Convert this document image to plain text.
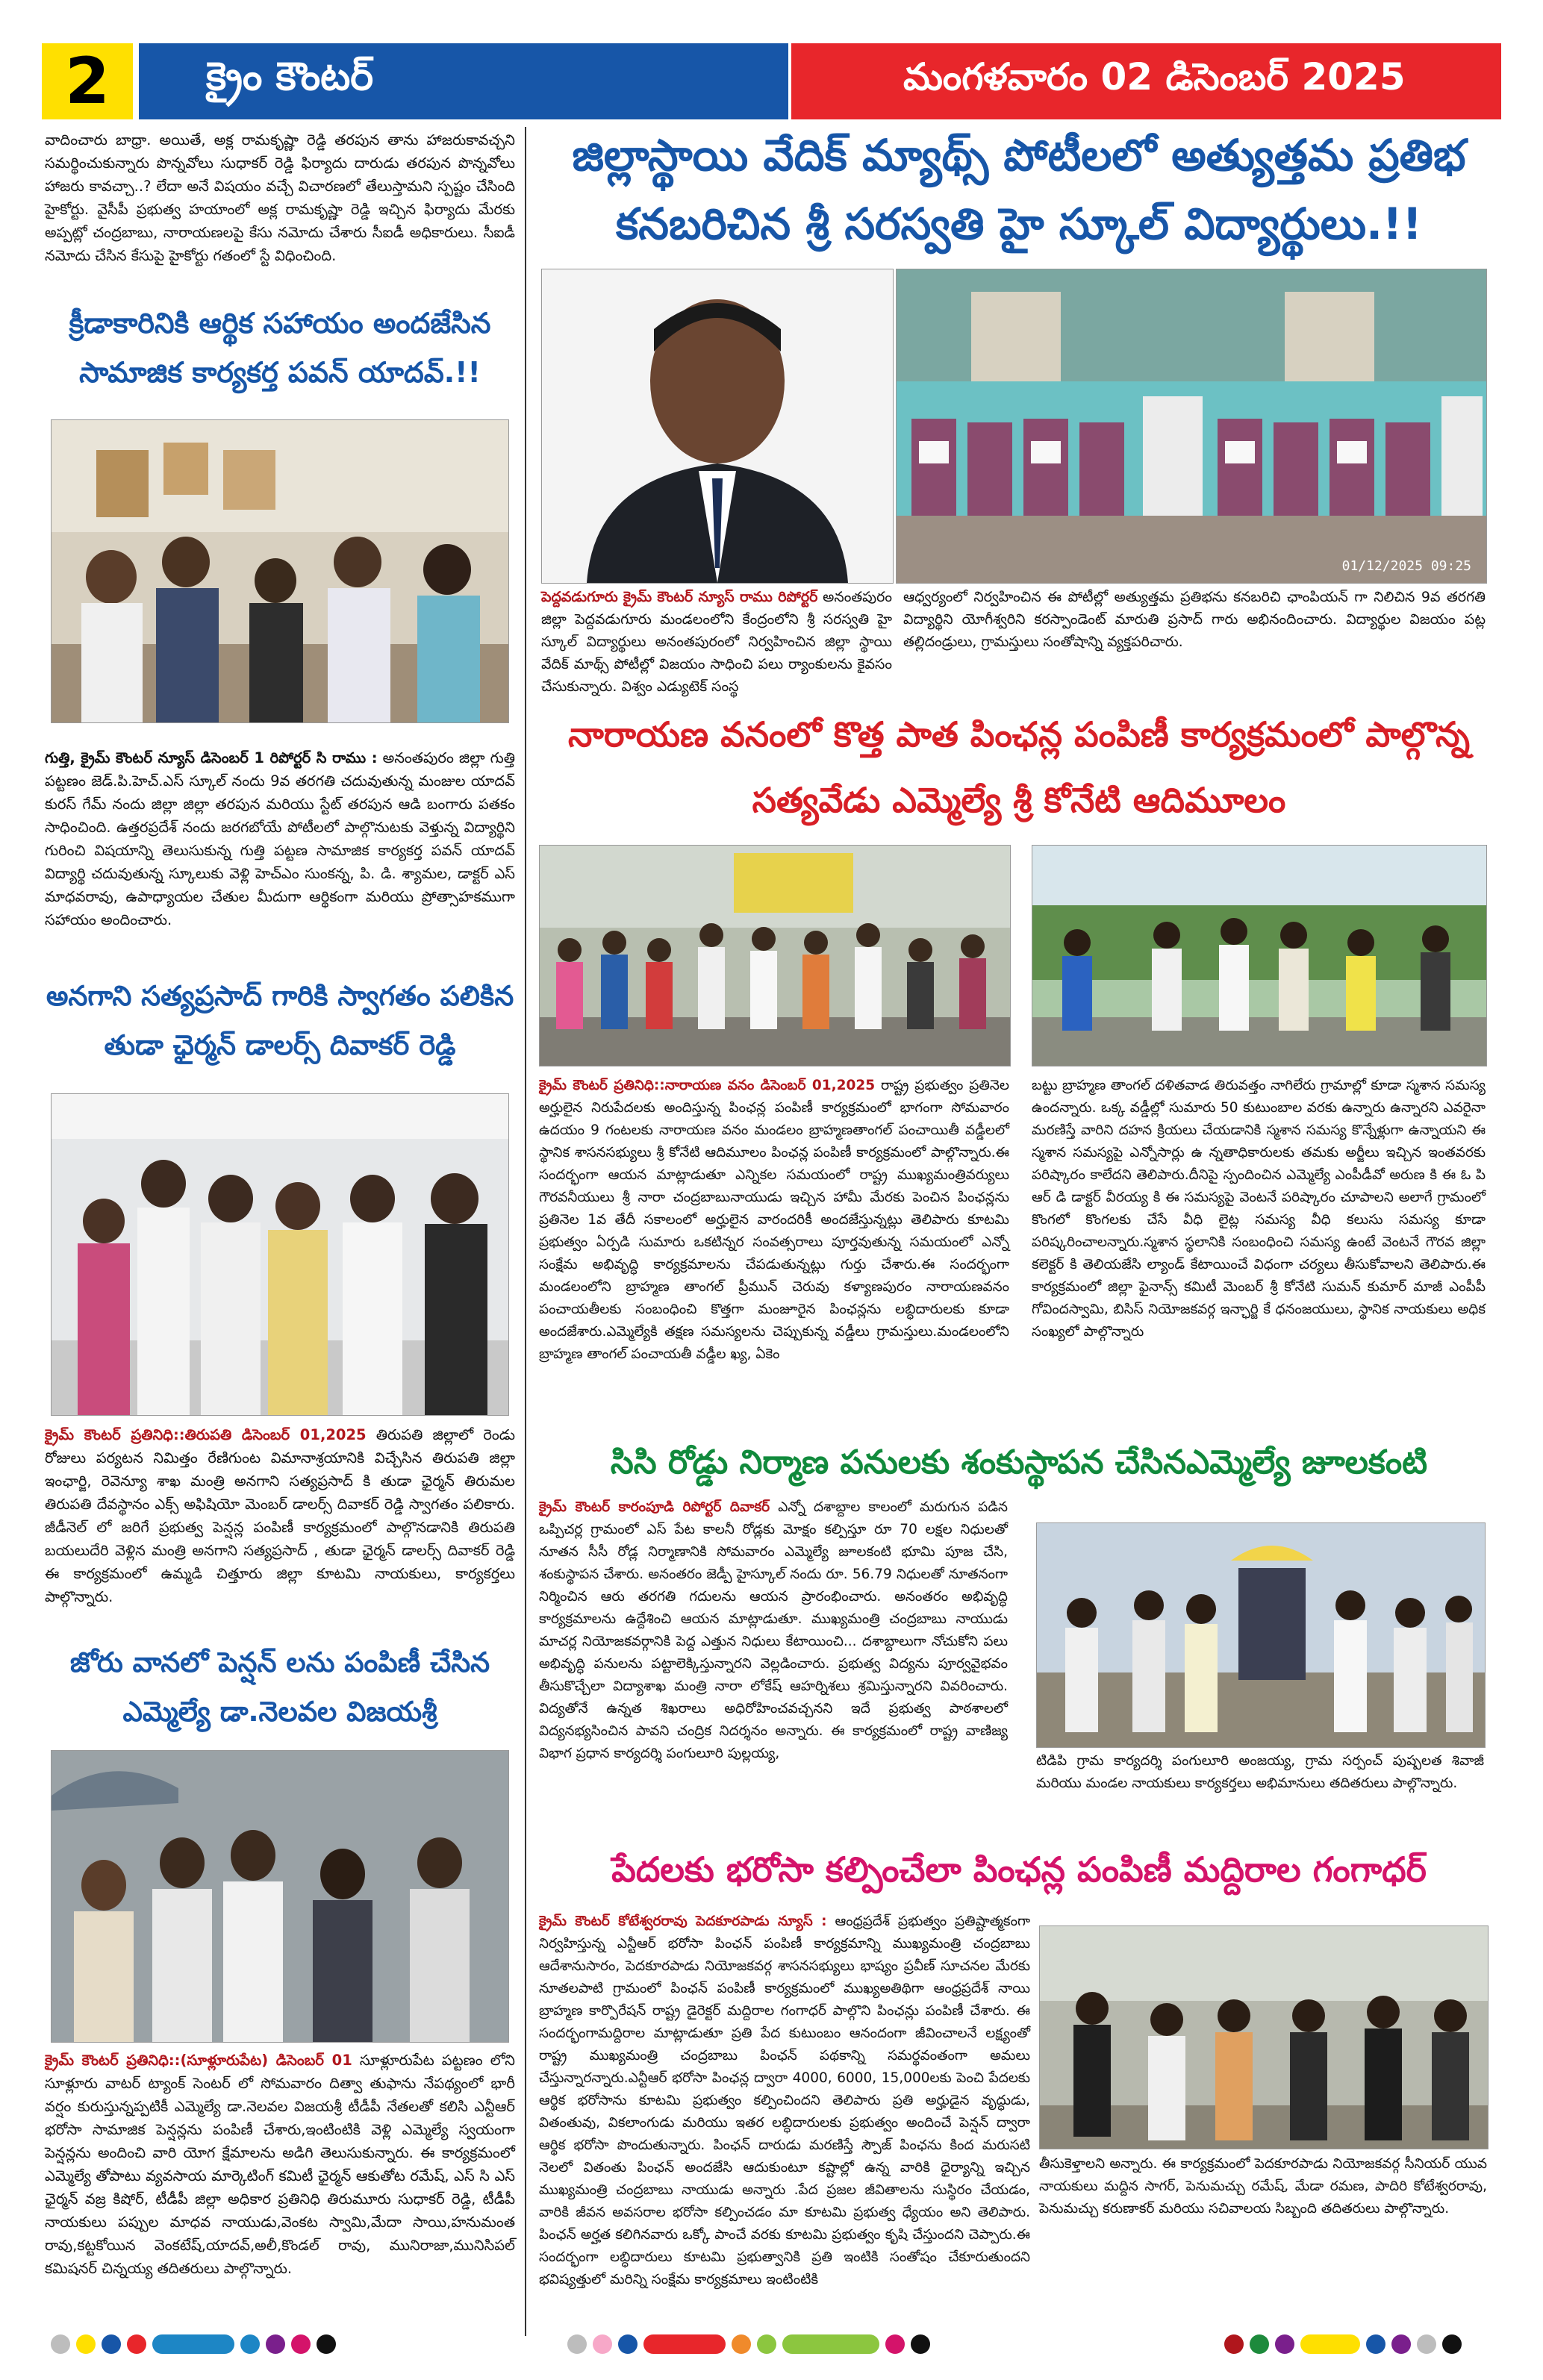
2	క్రైం కౌంటర్	మంగళవారం 02 డిసెంబర్ 2025

వాదించారు బాధ్రా. అయితే, అక్ల రామకృష్ణా రెడ్డి తరపున తాను హాజరుకావచ్చని సమర్థించుకున్నారు పొన్నవోలు సుధాకర్ రెడ్డి ఫిర్యాదు దారుడు తరపున పొన్నవోలు హాజరు కావచ్చా..? లేదా అనే విషయం వచ్చే విచారణలో తేలుస్తామని స్పష్టం చేసింది హైకోర్టు. వైసీపీ ప్రభుత్వ హయాంలో అక్ల రామకృష్ణా రెడ్డి ఇచ్చిన ఫిర్యాదు మేరకు అప్పట్లో చంద్రబాబు, నారాయణలపై కేసు నమోదు చేశారు సీఐడీ అధికారులు. సీఐడీ నమోదు చేసిన కేసుపై హైకోర్టు గతంలో స్టే విధించింది.

క్రీడాకారినికి ఆర్థిక సహాయం అందజేసిన సామాజిక కార్యకర్త పవన్ యాదవ్.!!

గుత్తి, క్రైమ్ కౌంటర్ న్యూస్ డిసెంబర్ 1 రిపోర్టర్ సి రాము : అనంతపురం జిల్లా గుత్తి పట్టణం జెడ్.పి.హెచ్.ఎస్ స్కూల్ నందు 9వ తరగతి చదువుతున్న మంజుల యాదవ్ కురస్ గేమ్ నందు జిల్లా జిల్లా తరపున మరియు స్టేట్ తరపున ఆడి బంగారు పతకం సాధించింది. ఉత్తరప్రదేశ్ నందు జరగబోయే పోటీలలో పాల్గొనుటకు వెళ్తున్న విద్యార్థిని గురించి విషయాన్ని తెలుసుకున్న గుత్తి పట్టణ సామాజిక కార్యకర్త పవన్ యాదవ్ విద్యార్థి చదువుతున్న స్కూలుకు వెళ్లి హెచ్‌ఎం సుంకన్న, పి. డి. శ్యామల, డాక్టర్ ఎస్ మాధవరావు, ఉపాధ్యాయల చేతుల మీదుగా ఆర్థికంగా మరియు ప్రోత్సాహకముగా సహాయం అందించారు.

అనగాని సత్యప్రసాద్ గారికి స్వాగతం పలికిన తుడా ఛైర్మన్ డాలర్స్ దివాకర్ రెడ్డి

క్రైమ్ కౌంటర్ ప్రతినిధి::తిరుపతి డిసెంబర్ 01,2025 తిరుపతి జిల్లాలో రెండు రోజులు పర్యటన నిమిత్తం రేణిగుంట విమానాశ్రయానికి విచ్చేసిన తిరుపతి జిల్లా ఇంఛార్జి, రెవెన్యూ శాఖ మంత్రి అనగాని సత్యప్రసాద్ కి తుడా ఛైర్మన్ తిరుమల తిరుపతి దేవస్థానం ఎక్స్ అఫిషియో మెంబర్ డాలర్స్ దివాకర్ రెడ్డి స్వాగతం పలికారు. జీడీనెల్ లో జరిగే ప్రభుత్వ పెన్షన్ల పంపిణీ కార్యక్రమంలో పాల్గొనడానికి తిరుపతి బయలుదేరి వెళ్లిన మంత్రి అనగాని సత్యప్రసాద్ , తుడా ఛైర్మన్ డాలర్స్ దివాకర్ రెడ్డి ఈ కార్యక్రమంలో ఉమ్మడి చిత్తూరు జిల్లా కూటమి నాయకులు, కార్యకర్తలు పాల్గొన్నారు.

జోరు వానలో పెన్షన్ లను పంపిణీ చేసిన ఎమ్మెల్యే డా.నెలవల విజయశ్రీ

క్రైమ్ కౌంటర్ ప్రతినిధి::(సూళ్లూరుపేట) డిసెంబర్ 01 సూళ్లూరుపేట పట్టణం లోని సూళ్లూరు వాటర్ ట్యాంక్ సెంటర్ లో సోమవారం దిత్వా తుఫాను నేపథ్యంలో భారీ వర్షం కురుస్తున్నప్పటికీ ఎమ్మెల్యే డా.నెలవల విజయశ్రీ టీడీపీ నేతలతో కలిసి ఎన్టీఆర్ భరోసా సామాజిక పెన్షన్లను పంపిణీ చేశారు,ఇంటింటికి వెళ్లి ఎమ్మెల్యే స్వయంగా పెన్షన్లను అందించి వారి యోగ క్షేమాలను అడిగి తెలుసుకున్నారు. ఈ కార్యక్రమంలో ఎమ్మెల్యే తోపాటు వ్యవసాయ మార్కెటింగ్ కమిటీ ఛైర్మన్ ఆకుతోట రమేష్, ఎస్ సి ఎస్ ఛైర్మన్ వజ్ర కిషోర్, టీడీపీ జిల్లా అధికార ప్రతినిధి తిరుమూరు సుధాకర్ రెడ్డి, టీడీపీ నాయకులు పప్పుల మాధవ నాయుడు,వెంకట స్వామి,మేదా సాయి,హనుమంత రావు,కట్టకోయిన వెంకటేష్,యాదవ్,అలీ,కొండల్ రావు, మునిరాజా,మునిసిపల్ కమిషనర్ చిన్నయ్య తదితరులు పాల్గొన్నారు.

జిల్లాస్థాయి వేదిక్ మ్యాథ్స్ పోటీలలో అత్యుత్తమ ప్రతిభ కనబరిచిన శ్రీ సరస్వతి హై స్కూల్ విద్యార్థులు.!!

01/12/2025 09:25

పెద్దవడుగూరు క్రైమ్ కౌంటర్ న్యూస్ రాము రిపోర్టర్ అనంతపురం జిల్లా పెద్దవడుగూరు మండలంలోని కేంద్రంలోని శ్రీ సరస్వతి హై స్కూల్ విద్యార్థులు అనంతపురంలో నిర్వహించిన జిల్లా స్థాయి వేదిక్ మాథ్స్ పోటీల్లో విజయం సాధించి పలు ర్యాంకులను కైవసం చేసుకున్నారు. విశ్వం ఎడ్యుటెక్ సంస్థ

ఆధ్వర్యంలో నిర్వహించిన ఈ పోటీల్లో అత్యుత్తమ ప్రతిభను కనబరిచి ఛాంపియన్ గా నిలిచిన 9వ తరగతి విద్యార్థిని యోగీశ్వరిని కరస్పాండెంట్ మారుతి ప్రసాద్ గారు అభినందించారు. విద్యార్థుల విజయం పట్ల తల్లిదండ్రులు, గ్రామస్తులు సంతోషాన్ని వ్యక్తపరిచారు.

నారాయణ వనంలో కొత్త పాత పింఛన్ల పంపిణీ కార్యక్రమంలో పాల్గొన్న సత్యవేడు ఎమ్మెల్యే శ్రీ కోనేటి ఆదిమూలం

క్రైమ్ కౌంటర్ ప్రతినిధి::నారాయణ వనం డిసెంబర్ 01,2025 రాష్ట్ర ప్రభుత్వం ప్రతినెల అర్హులైన నిరుపేదలకు అందిస్తున్న పింఛన్ల పంపిణీ కార్యక్రమంలో భాగంగా సోమవారం ఉదయం 9 గంటలకు నారాయణ వనం మండలం బ్రాహ్మణతాంగల్ పంచాయితీ వడ్డీలలో స్థానిక శాసనసభ్యులు శ్రీ కోనేటి ఆదిమూలం పింఛన్ల పంపిణీ కార్యక్రమంలో పాల్గొన్నారు.ఈ సందర్భంగా ఆయన మాట్లాడుతూ ఎన్నికల సమయంలో రాష్ట్ర ముఖ్యమంత్రివర్యులు గౌరవనీయులు శ్రీ నారా చంద్రబాబునాయుడు ఇచ్చిన హామీ మేరకు పెంచిన పింఛన్లను ప్రతినెల 1వ తేదీ సకాలంలో అర్హులైన వారందరికీ అందజేస్తున్నట్లు తెలిపారు కూటమి ప్రభుత్వం ఏర్పడి సుమారు ఒకటిన్నర సంవత్సరాలు పూర్తవుతున్న సమయంలో ఎన్నో సంక్షేమ అభివృద్ధి కార్యక్రమాలను చేపడుతున్నట్లు గుర్తు చేశారు.ఈ సందర్భంగా మండలంలోని బ్రాహ్మణ తాంగల్ ప్రీమున్ చెరువు కళ్యాణపురం నారాయణవనం పంచాయతీలకు సంబంధించి కొత్తగా మంజూరైన పింఛన్లను లబ్ధిదారులకు కూడా అందజేశారు.ఎమ్మెల్యేకి తక్షణ సమస్యలను చెప్పుకున్న వడ్డీలు గ్రామస్తులు.మండలంలోని బ్రాహ్మణ తాంగల్ పంచాయతీ వడ్డీల ఖ్య, ఏకెం

బట్టు బ్రాహ్మణ తాంగల్ దళితవాడ తిరువత్తం నాగిలేరు గ్రామాల్లో కూడా స్మశాన సమస్య ఉందన్నారు. ఒక్క వడ్డీల్లో సుమారు 50 కుటుంబాల వరకు ఉన్నారు ఉన్నారని ఎవరైనా మరణిస్తే వారిని దహన క్రియలు చేయడానికి స్మశాన సమస్య కొన్నేళ్లుగా ఉన్నాయని ఈ స్మశాన సమస్యపై ఎన్నోసార్లు ఉ న్నతాధికారులకు తమకు అర్జీలు ఇచ్చిన ఇంతవరకు పరిష్కారం కాలేదని తెలిపారు.దీనిపై స్పందించిన ఎమ్మెల్యే ఎంపీడీవో అరుణ కి ఈ ఓ పి ఆర్ డి డాక్టర్ వీరయ్య కి ఈ సమస్యపై వెంటనే పరిష్కారం చూపాలని అలాగే గ్రామంలో కొంగలో కొంగలకు చేసే వీధి లైట్ల సమస్య వీధి కలుసు సమస్య కూడా పరిష్కరించాలన్నారు.స్మశాన స్థలానికి సంబంధించి సమస్య ఉంటే వెంటనే గౌరవ జిల్లా కలెక్టర్ కి తెలియజేసి ల్యాండ్ కేటాయించే విధంగా చర్యలు తీసుకోవాలని తెలిపారు.ఈ కార్యక్రమంలో జిల్లా ఫైనాన్స్ కమిటీ మెంబర్ శ్రీ కోనేటి సుమన్ కుమార్ మాజీ ఎంపీపీ గోవిందస్వామి, బిసిస్ నియోజకవర్గ ఇన్ఛార్జి కే ధనంజయులు, స్థానిక నాయకులు అధిక సంఖ్యలో పాల్గొన్నారు

సిసి రోడ్డు నిర్మాణ పనులకు శంకుస్థాపన చేసినఎమ్మెల్యే జూలకంటి

క్రైమ్ కౌంటర్ కారంపూడి రిపోర్టర్ దివాకర్ ఎన్నో దశాబ్దాల కాలంలో మరుగున పడిన ఒప్పిచర్ల గ్రామంలో ఎస్ పేట కాలనీ రోడ్లకు మోక్షం కల్పిస్తూ రూ 70 లక్షల నిధులతో నూతన సీసీ రోడ్ల నిర్మాణానికి సోమవారం ఎమ్మెల్యే జూలకంటి భూమి పూజ చేసి, శంకుస్థాపన చేశారు. అనంతరం జెడ్పీ హైస్కూల్ నందు రూ. 56.79 నిధులతో నూతనంగా నిర్మించిన ఆరు తరగతి గదులను ఆయన ప్రారంభించారు. అనంతరం అభివృద్ధి కార్యక్రమాలను ఉద్దేశించి ఆయన మాట్లాడుతూ. ముఖ్యమంత్రి చంద్రబాబు నాయుడు మాచర్ల నియోజకవర్గానికి పెద్ద ఎత్తున నిధులు కేటాయించి... దశాబ్దాలుగా నోచుకోని పలు అభివృద్ధి పనులను పట్టాలెక్కిస్తున్నారని వెల్లడించారు. ప్రభుత్వ విద్యను పూర్వవైభవం తీసుకొచ్చేలా విద్యాశాఖ మంత్రి నారా లోకేష్ ఆహర్నిశలు శ్రమిస్తున్నారని వివరించారు. విద్యతోనే ఉన్నత శిఖరాలు అధిరోహించవచ్చనని ఇదే ప్రభుత్వ పాఠశాలలో విద్యనభ్యసించిన పావని చంద్రిక నిదర్శనం అన్నారు. ఈ కార్యక్రమంలో రాష్ట్ర వాణిజ్య విభాగ ప్రధాన కార్యదర్శి పంగులూరి పుల్లయ్య,	టిడిపి గ్రామ కార్యదర్శి పంగులూరి అంజయ్య, గ్రామ సర్పంచ్ పుష్పలత శివాజీ మరియు మండల నాయకులు కార్యకర్తలు అభిమానులు తదితరులు పాల్గొన్నారు.

పేదలకు భరోసా కల్పించేలా పింఛన్ల పంపిణీ మద్దిరాల గంగాధర్

క్రైమ్ కౌంటర్ కోటేశ్వరరావు పెదకూరపాడు న్యూస్ : ఆంధ్రప్రదేశ్ ప్రభుత్వం ప్రతిష్టాత్మకంగా నిర్వహిస్తున్న ఎన్టీఆర్ భరోసా పింఛన్ పంపిణీ కార్యక్రమాన్ని ముఖ్యమంత్రి చంద్రబాబు ఆదేశానుసారం, పెదకూరపాడు నియోజకవర్గ శాసనసభ్యులు భాష్యం ప్రవీణ్ సూచనల మేరకు నూతలపాటి గ్రామంలో పింఛన్ పంపిణీ కార్యక్రమంలో ముఖ్యఅతిథిగా ఆంధ్రప్రదేశ్ నాయి బ్రాహ్మణ కార్పొరేషన్ రాష్ట్ర డైరెక్టర్ మద్దిరాల గంగాధర్ పాల్గొని పింఛన్లు పంపిణీ చేశారు. ఈ సందర్భంగామద్దిరాల మాట్లాడుతూ ప్రతి పేద కుటుంబం ఆనందంగా జీవించాలనే లక్ష్యంతో రాష్ట్ర ముఖ్యమంత్రి చంద్రబాబు పింఛన్ పథకాన్ని సమర్థవంతంగా అమలు చేస్తున్నారన్నారు.ఎన్టీఆర్ భరోసా పింఛన్ల ద్వారా 4000, 6000, 15,000లకు పెంచి పేదలకు ఆర్థిక భరోసాను కూటమి ప్రభుత్వం కల్పించిందని తెలిపారు ప్రతి అర్హుడైన వృద్ధుడు, వితంతువు, వికలాంగుడు మరియు ఇతర లబ్ధిదారులకు ప్రభుత్వం అందించే పెన్షన్ ద్వారా ఆర్థిక భరోసా పొందుతున్నారు. పింఛన్ దారుడు మరణిస్తే స్పౌజ్ పింఛను కింద మరుసటి నెలలో వితంతు పింఛన్ అందజేసి ఆదుకుంటూ కష్టాల్లో ఉన్న వారికి ధైర్యాన్ని ఇచ్చిన ముఖ్యమంత్రి చంద్రబాబు నాయుడు అన్నారు .పేద ప్రజల జీవితాలను సుస్థిరం చేయడం, వారికి జీవన అవసరాల భరోసా కల్పించడం మా కూటమి ప్రభుత్వ ధ్యేయం అని తెలిపారు. పింఛన్ అర్హత కలిగినవారు ఒక్కో పాంచే వరకు కూటమి ప్రభుత్వం కృషి చేస్తుందని చెప్పారు.ఈ సందర్భంగా లబ్ధిదారులు కూటమి ప్రభుత్వానికి ప్రతి ఇంటికి సంతోషం చేకూరుతుందని భవిష్యత్తులో మరిన్ని సంక్షేమ కార్యక్రమాలు ఇంటింటికి

తీసుకెళ్తాలని అన్నారు. ఈ కార్యక్రమంలో పెదకూరపాడు నియోజకవర్గ సీనియర్ యువ నాయకులు మద్దిన సాగర్, పెనుమచ్చు రమేష్, మేడా రమణ, పాదిరి కోటేశ్వరరావు, పెనుమచ్చు కరుణాకర్ మరియు సచివాలయ సిబ్బంది తదితరులు పాల్గొన్నారు.
